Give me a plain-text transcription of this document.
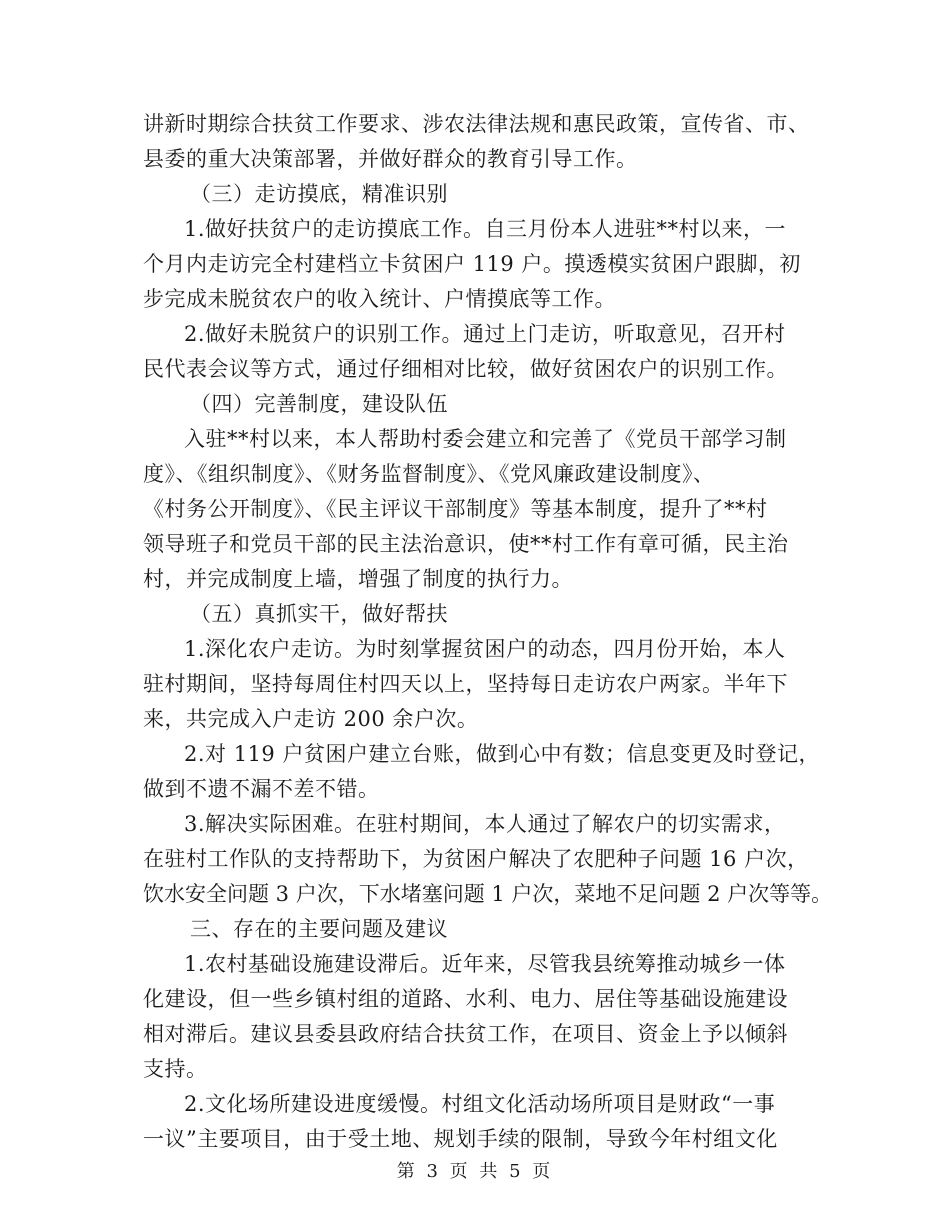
讲新时期综合扶贫工作要求、涉农法律法规和惠民政策，宣传省、市、
县委的重大决策部署，并做好群众的教育引导工作。
（三）走访摸底，精准识别
1.做好扶贫户的走访摸底工作。自三月份本人进驻**村以来，一
个月内走访完全村建档立卡贫困户 119 户。摸透模实贫困户跟脚，初
步完成未脱贫农户的收入统计、户情摸底等工作。
2.做好未脱贫户的识别工作。通过上门走访，听取意见，召开村
民代表会议等方式，通过仔细相对比较，做好贫困农户的识别工作。
（四）完善制度，建设队伍
入驻**村以来，本人帮助村委会建立和完善了《党员干部学习制
度》、《组织制度》、《财务监督制度》、《党风廉政建设制度》、
《村务公开制度》、《民主评议干部制度》等基本制度，提升了**村
领导班子和党员干部的民主法治意识，使**村工作有章可循，民主治
村，并完成制度上墙，增强了制度的执行力。
（五）真抓实干，做好帮扶
1.深化农户走访。为时刻掌握贫困户的动态，四月份开始，本人
驻村期间，坚持每周住村四天以上，坚持每日走访农户两家。半年下
来，共完成入户走访 200 余户次。
2.对 119 户贫困户建立台账，做到心中有数；信息变更及时登记，
做到不遗不漏不差不错。
3.解决实际困难。在驻村期间，本人通过了解农户的切实需求，
在驻村工作队的支持帮助下，为贫困户解决了农肥种子问题 16 户次，
饮水安全问题 3 户次，下水堵塞问题 1 户次，菜地不足问题 2 户次等等。
三、存在的主要问题及建议
1.农村基础设施建设滞后。近年来，尽管我县统筹推动城乡一体
化建设，但一些乡镇村组的道路、水利、电力、居住等基础设施建设
相对滞后。建议县委县政府结合扶贫工作，在项目、资金上予以倾斜
支持。
2.文化场所建设进度缓慢。村组文化活动场所项目是财政“一事
一议”主要项目，由于受土地、规划手续的限制，导致今年村组文化
第 3 页 共 5 页
